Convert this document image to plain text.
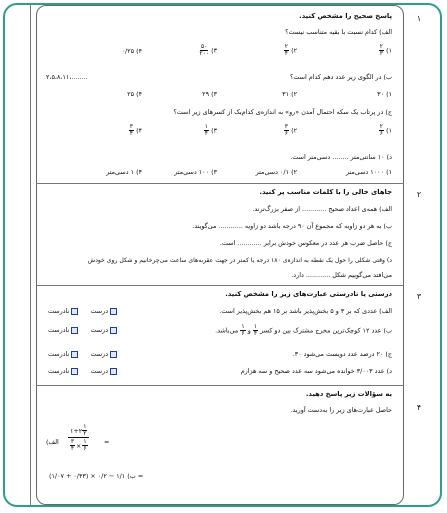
۱
۲
۳
۴
پاسخ صحیح را مشخص کنید.
الف) کدام نسبت با بقیه متناسب نیست؟
۱)
$\frac{۲}{۳}$
۲)
$\frac{۲}{۴}$
۳)
$\frac{۵۰}{۲۰۰}$
۴) ۰/۲۵
ب) در الگوی زیر عدد دهم کدام است؟
۲،۵،۸،۱۱،........
۱) ۳۰
۲) ۳۱
۳) ۲۹
۴) ۲۵
ج) در پرتاب یک سکه احتمال آمدن «رو» به اندازه‌ی کدام‌یک از کسرهای زیر است؟
۱)
$\frac{۲}{۶}$
۲)
$\frac{۳}{۶}$
۳)
$\frac{۱}{۴}$
۴)
$\frac{۳}{۴}$
د) ۱۰ سانتی‌متر ........ دسی‌متر است.
۱) ۱۰۰۰ دسی‌متر
۲) ۰/۱ دسی‌متر
۳) ۱۰۰ دسی‌متر
۴) ۱ دسی‌متر
جاهای خالی را با کلمات مناسب پر کنید.
الف) همه‌ی اعداد صحیح ............ از صفر بزرگ‌ترند.
ب) به هر دو زاویه که مجموع آن ۹۰ درجه باشد دو زاویه ............ می‌گویند.
ج) حاصل ضرب هر عدد در معکوس خودش برابر ............ است.
د) وقتی شکلی را حول یک نقطه به اندازه‌ی ۱۸۰ درجه یا کمتر در جهت عقربه‌های ساعت می‌چرخانیم و شکل روی خودش
می‌افتد می‌گوییم شکل ............ دارد.
درستی یا نادرستی عبارت‌های زیر را مشخص کنید.
الف) عددی که بر ۳ و ۵ بخش‌پذیر باشد بر ۱۵ هم بخش‌پذیر است.
درست      نادرست
ب) عدد ۱۲ کوچک‌ترین مخرج مشترک بین دو کسر
$\frac{۱}{۴}$
و
$\frac{۱}{۶}$
می‌باشد.
درست      نادرست
ج) ۲۰ درصد عدد دویست می‌شود ۳۰.
درست      نادرست
د) عدد ۳/۰۰۳ خوانده می‌شود سه عدد صحیح و سه هزارم
درست      نادرست
به سؤالات زیر پاسخ دهید.
حاصل عبارت‌های زیر را به‌دست آورید.
الف)
۱+۲ $\frac{۱}{۲}$
$\frac{۳}{۴} \times \frac{۱}{۶}$	=
ب) ۱/۱ − ۰/۲ × (۰/۴۳ + ۱/۰۷) =
